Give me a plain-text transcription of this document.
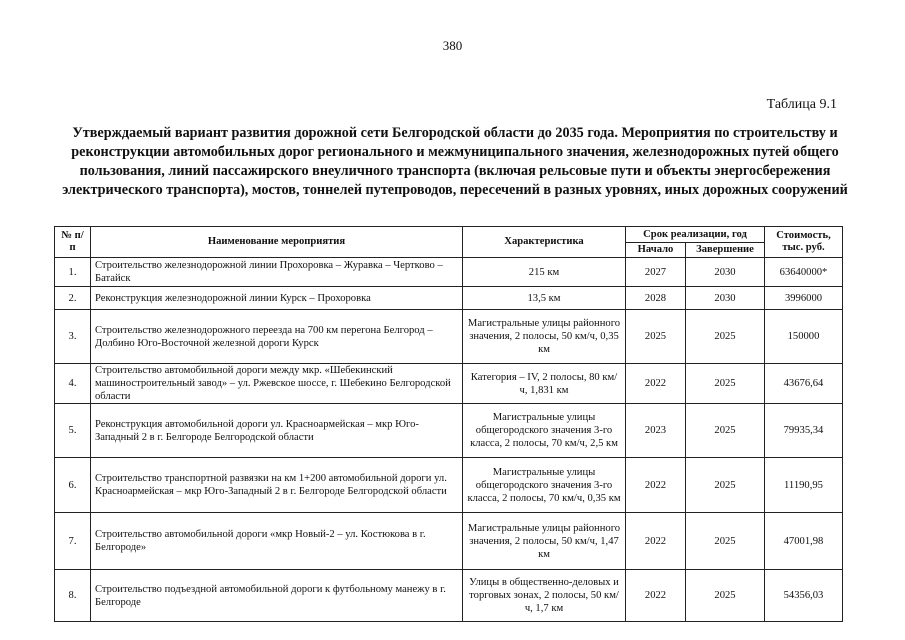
380
Таблица 9.1
Утверждаемый вариант развития дорожной сети Белгородской области до 2035 года. Мероприятия по строительству и реконструкции автомобильных дорог регионального и межмуниципального значения, железнодорожных путей общего пользования, линий пассажирского внеуличного транспорта (включая рельсовые пути и объекты энергосбережения электрического транспорта), мостов, тоннелей путепроводов, пересечений в разных уровнях, иных дорожных сооружений
№ п/п	Наименование мероприятия	Характеристика	Срок реализации, год		Стоимость, тыс. руб.
			Начало	Завершение	
1.	Строительство железнодорожной линии Прохоровка – Журавка – Чертково – Батайск	215 км	2027	2030	63640000*
2.	Реконструкция железнодорожной линии Курск – Прохоровка	13,5 км	2028	2030	3996000
3.	Строительство железнодорожного переезда на 700 км перегона Белгород – Долбино Юго-Восточной железной дороги Курск	Магистральные улицы районного значения, 2 полосы, 50 км/ч, 0,35 км	2025	2025	150000
4.	Строительство автомобильной дороги между мкр. «Шебекинский машиностроительный завод» – ул. Ржевское шоссе, г. Шебекино Белгородской области	Категория – IV, 2 полосы, 80 км/ч, 1,831 км	2022	2025	43676,64
5.	Реконструкция автомобильной дороги ул. Красноармейская – мкр Юго-Западный 2 в г. Белгороде Белгородской области	Магистральные улицы общегородского значения 3-го класса, 2 полосы, 70 км/ч, 2,5 км	2023	2025	79935,34
6.	Строительство транспортной развязки на км 1+200 автомобильной дороги ул. Красноармейская – мкр Юго-Западный 2 в г. Белгороде Белгородской области	Магистральные улицы общегородского значения 3-го класса, 2 полосы, 70 км/ч, 0,35 км	2022	2025	11190,95
7.	Строительство автомобильной дороги «мкр Новый-2 – ул. Костюкова в г. Белгороде»	Магистральные улицы районного значения, 2 полосы, 50 км/ч, 1,47 км	2022	2025	47001,98
8.	Строительство подъездной автомобильной дороги к футбольному манежу в г. Белгороде	Улицы в общественно-деловых и торговых зонах, 2 полосы, 50 км/ч, 1,7 км	2022	2025	54356,03
